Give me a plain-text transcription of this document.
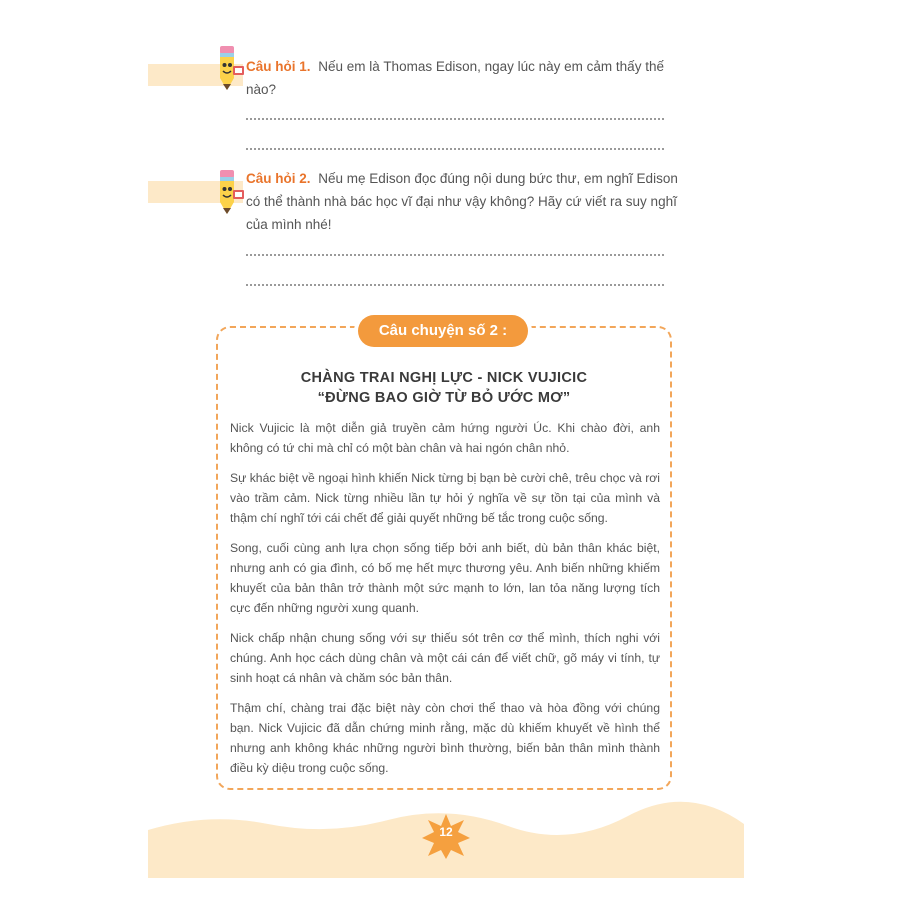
Câu hỏi 1. Nếu em là Thomas Edison, ngay lúc này em cảm thấy thế nào?
Câu hỏi 2. Nếu mẹ Edison đọc đúng nội dung bức thư, em nghĩ Edison có thể thành nhà bác học vĩ đại như vậy không? Hãy cứ viết ra suy nghĩ của mình nhé!
Câu chuyện số 2 :
CHÀNG TRAI NGHỊ LỰC - NICK VUJICIC
“ĐỪNG BAO GIỜ TỪ BỎ ƯỚC MƠ”

Nick Vujicic là một diễn giả truyền cảm hứng người Úc. Khi chào đời, anh không có tứ chi mà chỉ có một bàn chân và hai ngón chân nhỏ.

Sự khác biệt về ngoại hình khiến Nick từng bị bạn bè cười chê, trêu chọc và rơi vào trầm cảm. Nick từng nhiều lần tự hỏi ý nghĩa về sự tồn tại của mình và thậm chí nghĩ tới cái chết để giải quyết những bế tắc trong cuộc sống.

Song, cuối cùng anh lựa chọn sống tiếp bởi anh biết, dù bản thân khác biệt, nhưng anh có gia đình, có bố mẹ hết mực thương yêu. Anh biến những khiếm khuyết của bản thân trở thành một sức mạnh to lớn, lan tỏa năng lượng tích cực đến những người xung quanh.

Nick chấp nhận chung sống với sự thiếu sót trên cơ thể mình, thích nghi với chúng. Anh học cách dùng chân và một cái cán để viết chữ, gõ máy vi tính, tự sinh hoạt cá nhân và chăm sóc bản thân.

Thậm chí, chàng trai đặc biệt này còn chơi thể thao và hòa đồng với chúng bạn. Nick Vujicic đã dẫn chứng minh rằng, mặc dù khiếm khuyết về hình thể nhưng anh không khác những người bình thường, biến bản thân mình thành điều kỳ diệu trong cuộc sống.

12
